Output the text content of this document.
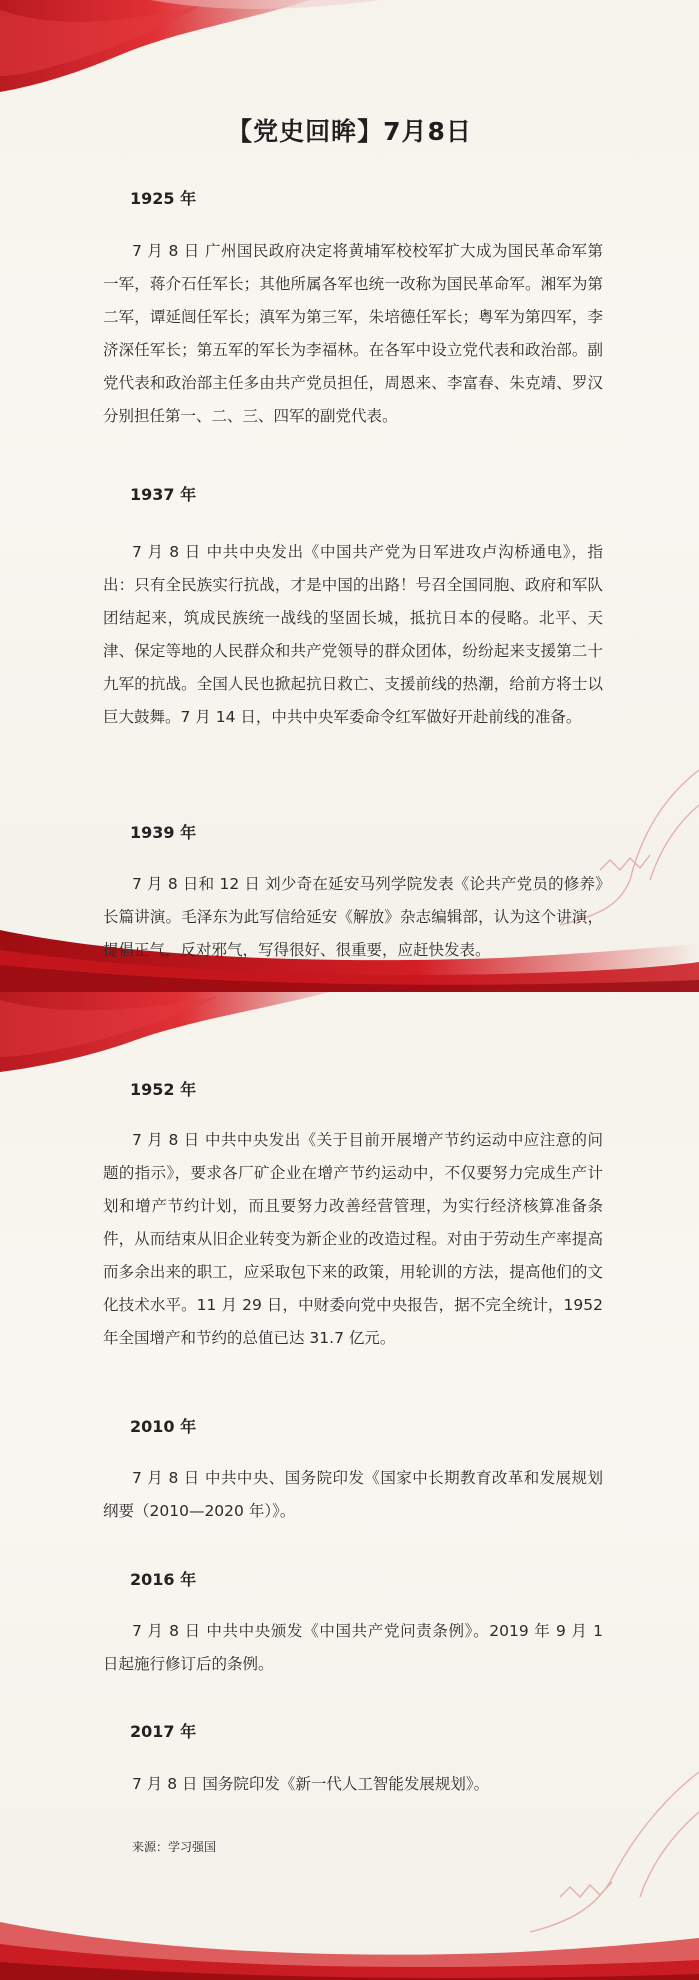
【党史回眸】7月8日
1925 年
7 月 8 日 广州国民政府决定将黄埔军校校军扩大成为国民革命军第一军，蒋介石任军长；其他所属各军也统一改称为国民革命军。湘军为第二军，谭延闿任军长；滇军为第三军，朱培德任军长；粤军为第四军，李济深任军长；第五军的军长为李福林。在各军中设立党代表和政治部。副党代表和政治部主任多由共产党员担任，周恩来、李富春、朱克靖、罗汉分别担任第一、二、三、四军的副党代表。
1937 年
7 月 8 日 中共中央发出《中国共产党为日军进攻卢沟桥通电》，指出：只有全民族实行抗战，才是中国的出路！号召全国同胞、政府和军队团结起来，筑成民族统一战线的坚固长城，抵抗日本的侵略。北平、天津、保定等地的人民群众和共产党领导的群众团体，纷纷起来支援第二十九军的抗战。全国人民也掀起抗日救亡、支援前线的热潮，给前方将士以巨大鼓舞。7 月 14 日，中共中央军委命令红军做好开赴前线的准备。
1939 年
7 月 8 日和 12 日 刘少奇在延安马列学院发表《论共产党员的修养》长篇讲演。毛泽东为此写信给延安《解放》杂志编辑部，认为这个讲演，提倡正气，反对邪气，写得很好、很重要，应赶快发表。
1952 年
7 月 8 日 中共中央发出《关于目前开展增产节约运动中应注意的问题的指示》，要求各厂矿企业在增产节约运动中，不仅要努力完成生产计划和增产节约计划，而且要努力改善经营管理，为实行经济核算准备条件，从而结束从旧企业转变为新企业的改造过程。对由于劳动生产率提高而多余出来的职工，应采取包下来的政策，用轮训的方法，提高他们的文化技术水平。11 月 29 日，中财委向党中央报告，据不完全统计，1952 年全国增产和节约的总值已达 31.7 亿元。
2010 年
7 月 8 日 中共中央、国务院印发《国家中长期教育改革和发展规划纲要（2010—2020 年）》。
2016 年
7 月 8 日 中共中央颁发《中国共产党问责条例》。2019 年 9 月 1 日起施行修订后的条例。
2017 年
7 月 8 日 国务院印发《新一代人工智能发展规划》。
来源：学习强国
